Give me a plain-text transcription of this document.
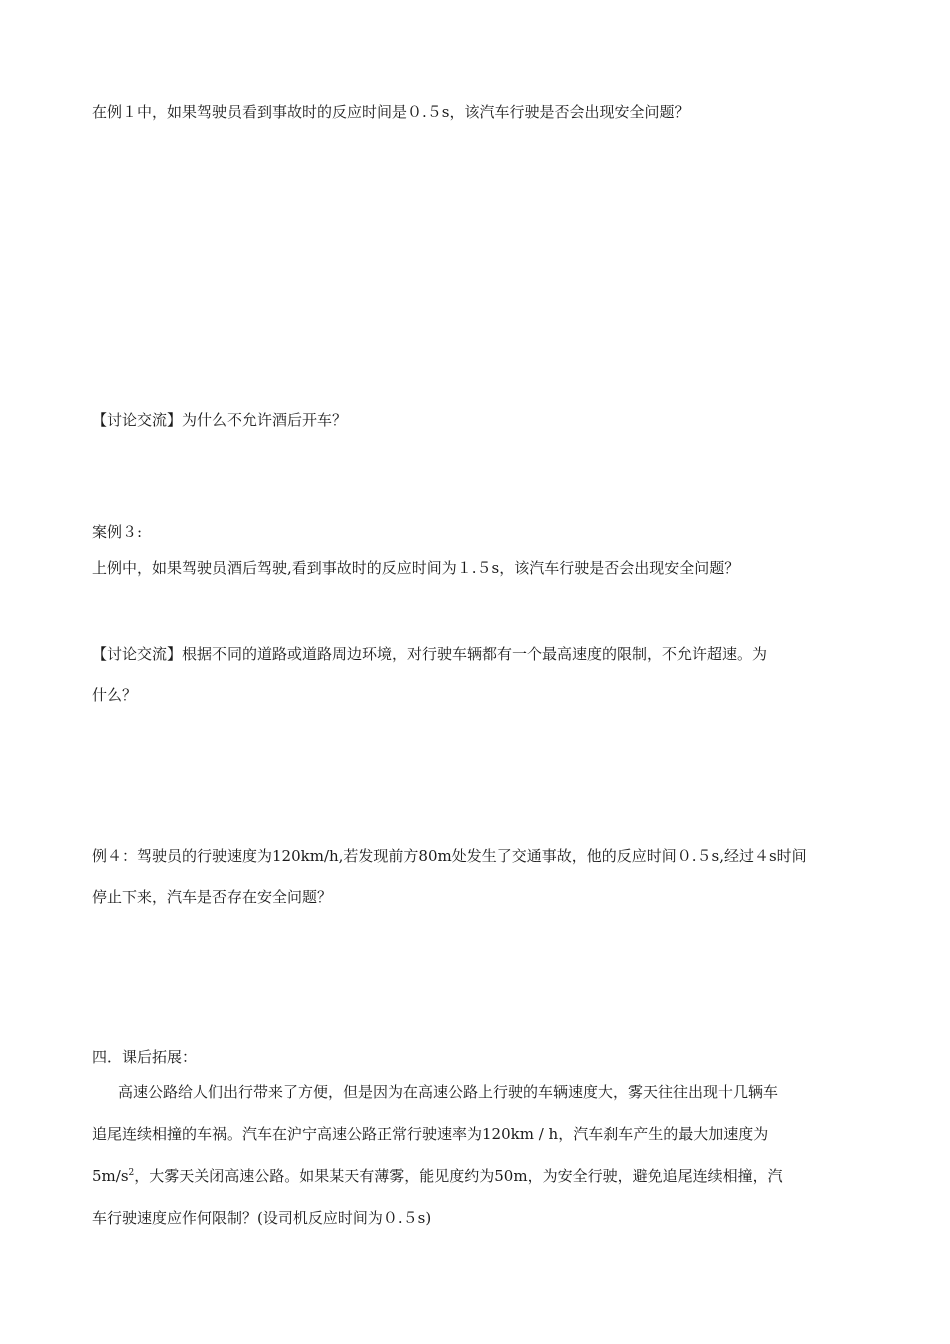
在例１中，如果驾驶员看到事故时的反应时间是０.５s，该汽车行驶是否会出现安全问题？
【讨论交流】为什么不允许酒后开车？
案例３:
上例中，如果驾驶员酒后驾驶,看到事故时的反应时间为１.５s，该汽车行驶是否会出现安全问题？
【讨论交流】根据不同的道路或道路周边环境，对行驶车辆都有一个最高速度的限制，不允许超速。为
什么？
例４：驾驶员的行驶速度为120km/h,若发现前方80m处发生了交通事故，他的反应时间０.５s,经过４s时间
停止下来，汽车是否存在安全问题？
四．课后拓展：
高速公路给人们出行带来了方便，但是因为在高速公路上行驶的车辆速度大，雾天往往出现十几辆车
追尾连续相撞的车祸。汽车在沪宁高速公路正常行驶速率为120km / h，汽车刹车产生的最大加速度为
$5m/s^2$，大雾天关闭高速公路。如果某天有薄雾，能见度约为50m，为安全行驶，避免追尾连续相撞，汽
车行驶速度应作何限制？(设司机反应时间为０.５s)
